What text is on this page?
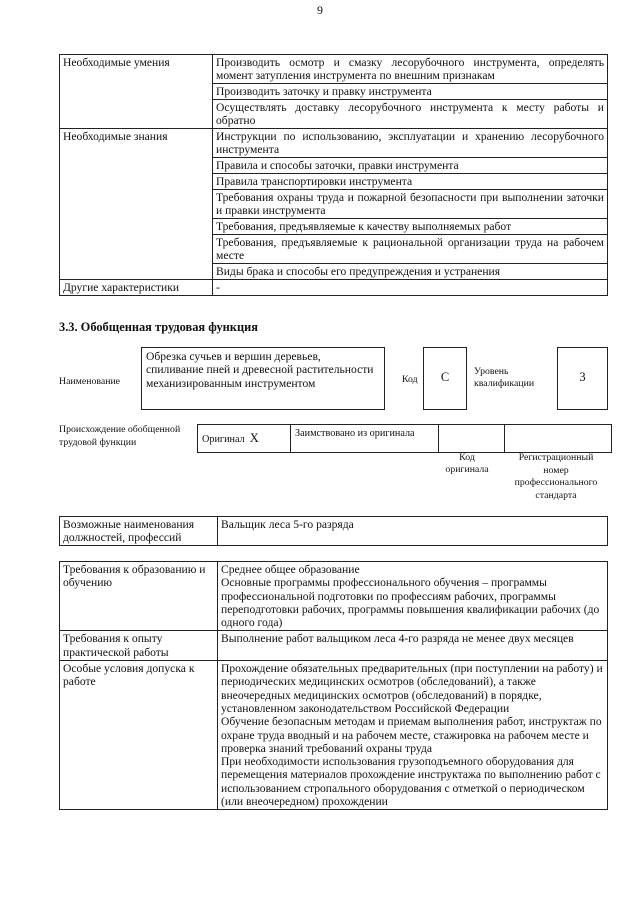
9
Необходимые умения	Производить осмотр и смазку лесорубочного инструмента, определять момент затупления инструмента по внешним признакам
	Производить заточку и правку инструмента
	Осуществлять доставку лесорубочного инструмента к месту работы и обратно
Необходимые знания	Инструкции по использованию, эксплуатации и хранению лесорубочного инструмента
	Правила и способы заточки, правки инструмента
	Правила транспортировки инструмента
	Требования охраны труда и пожарной безопасности при выполнении заточки и правки инструмента
	Требования, предъявляемые к качеству выполняемых работ
	Требования, предъявляемые к рациональной организации труда на рабочем месте
	Виды брака и способы его предупреждения и устранения
Другие характеристики	-
3.3. Обобщенная трудовая функция
Наименование
Обрезка сучьев и вершин деревьев, спиливание пней и древесной растительности механизированным инструментом	Код	C	Уровень
квалификации	3
Происхождение обобщенной
трудовой функции	Оригинал X	Заимствовано из оригинала		
Код
оригинала
Регистрационный
номер
профессионального
стандарта
Возможные наименования должностей, профессий	Вальщик леса 5-го разряда
Требования к образованию и обучению	Среднее общее образование

Основные программы профессионального обучения – программы профессиональной подготовки по профессиям рабочих, программы переподготовки рабочих, программы повышения квалификации рабочих (до одного года)

Требования к опыту практической работы	Выполнение работ вальщиком леса 4-го разряда не менее двух месяцев

Особые условия допуска к работе	Прохождение обязательных предварительных (при поступлении на работу) и периодических медицинских осмотров (обследований), а также внеочередных медицинских осмотров (обследований) в порядке, установленном законодательством Российской Федерации

Обучение безопасным методам и приемам выполнения работ, инструктаж по охране труда вводный и на рабочем месте, стажировка на рабочем месте и проверка знаний требований охраны труда

При необходимости использования грузоподъемного оборудования для перемещения материалов прохождение инструктажа по выполнению работ с использованием стропального оборудования с отметкой о периодическом (или внеочередном) прохождении
